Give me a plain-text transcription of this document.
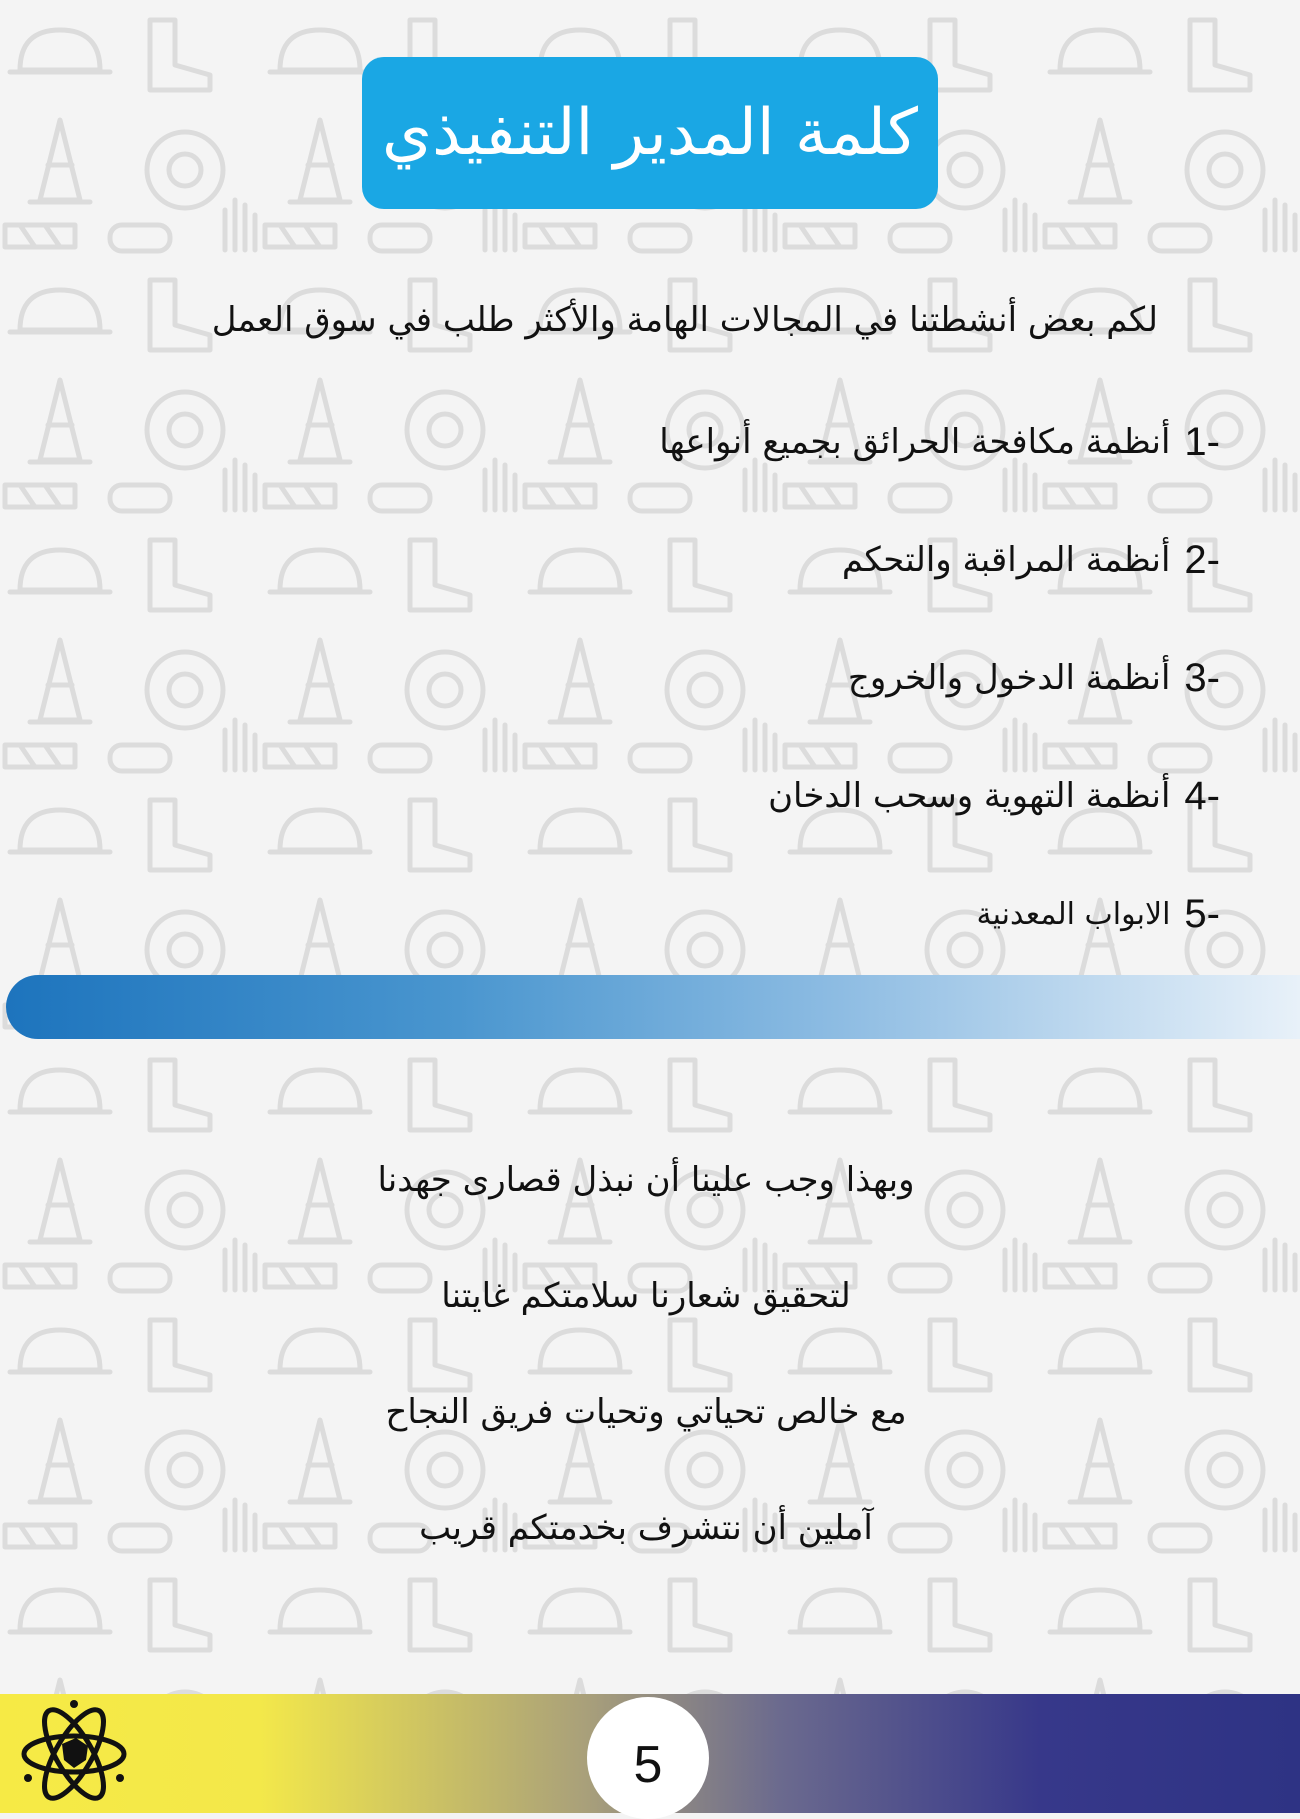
كلمة المدير التنفيذي
لكم بعض أنشطتنا في المجالات الهامة والأكثر طلب في سوق العمل
1-
أنظمة مكافحة الحرائق بجميع أنواعها
2-
أنظمة المراقبة والتحكم
3-
أنظمة الدخول والخروج
4-
أنظمة التهوية وسحب الدخان
5-
الابواب المعدنية
وبهذا وجب علينا أن نبذل قصارى جهدنا
لتحقيق شعارنا سلامتكم غايتنا
مع خالص تحياتي وتحيات فريق النجاح
آملين أن نتشرف بخدمتكم قريب
5
